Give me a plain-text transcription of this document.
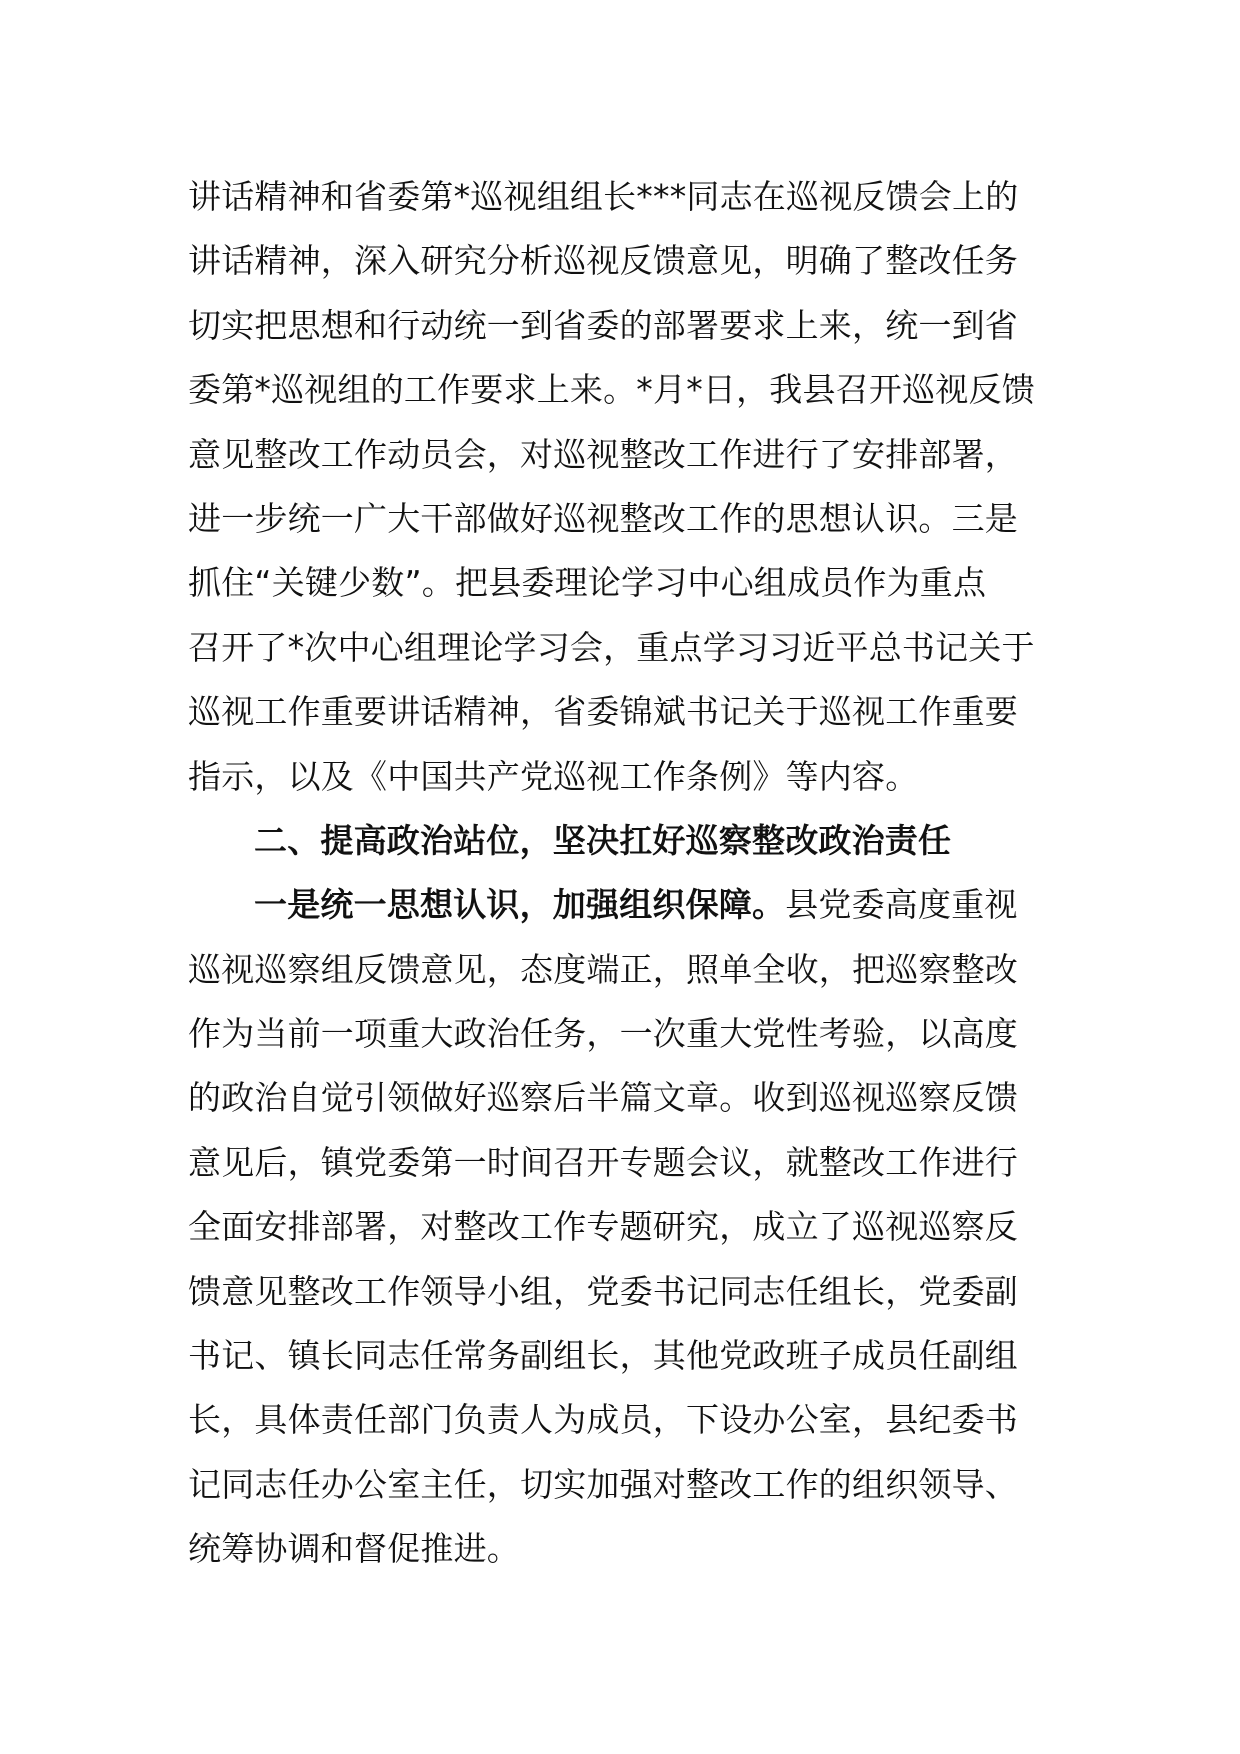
讲话精神和省委第*巡视组组长***同志在巡视反馈会上的
讲话精神，深入研究分析巡视反馈意见，明确了整改任务
切实把思想和行动统一到省委的部署要求上来，统一到省
委第*巡视组的工作要求上来。*月*日，我县召开巡视反馈
意见整改工作动员会，对巡视整改工作进行了安排部署，
进一步统一广大干部做好巡视整改工作的思想认识。三是
抓住“关键少数”。把县委理论学习中心组成员作为重点
召开了*次中心组理论学习会，重点学习习近平总书记关于
巡视工作重要讲话精神，省委锦斌书记关于巡视工作重要
指示，以及《中国共产党巡视工作条例》等内容。
二、提高政治站位，坚决扛好巡察整改政治责任
一是统一思想认识，加强组织保障。县党委高度重视
巡视巡察组反馈意见，态度端正，照单全收，把巡察整改
作为当前一项重大政治任务，一次重大党性考验，以高度
的政治自觉引领做好巡察后半篇文章。收到巡视巡察反馈
意见后，镇党委第一时间召开专题会议，就整改工作进行
全面安排部署，对整改工作专题研究，成立了巡视巡察反
馈意见整改工作领导小组，党委书记同志任组长，党委副
书记、镇长同志任常务副组长，其他党政班子成员任副组
长，具体责任部门负责人为成员，下设办公室，县纪委书
记同志任办公室主任，切实加强对整改工作的组织领导、
统筹协调和督促推进。
